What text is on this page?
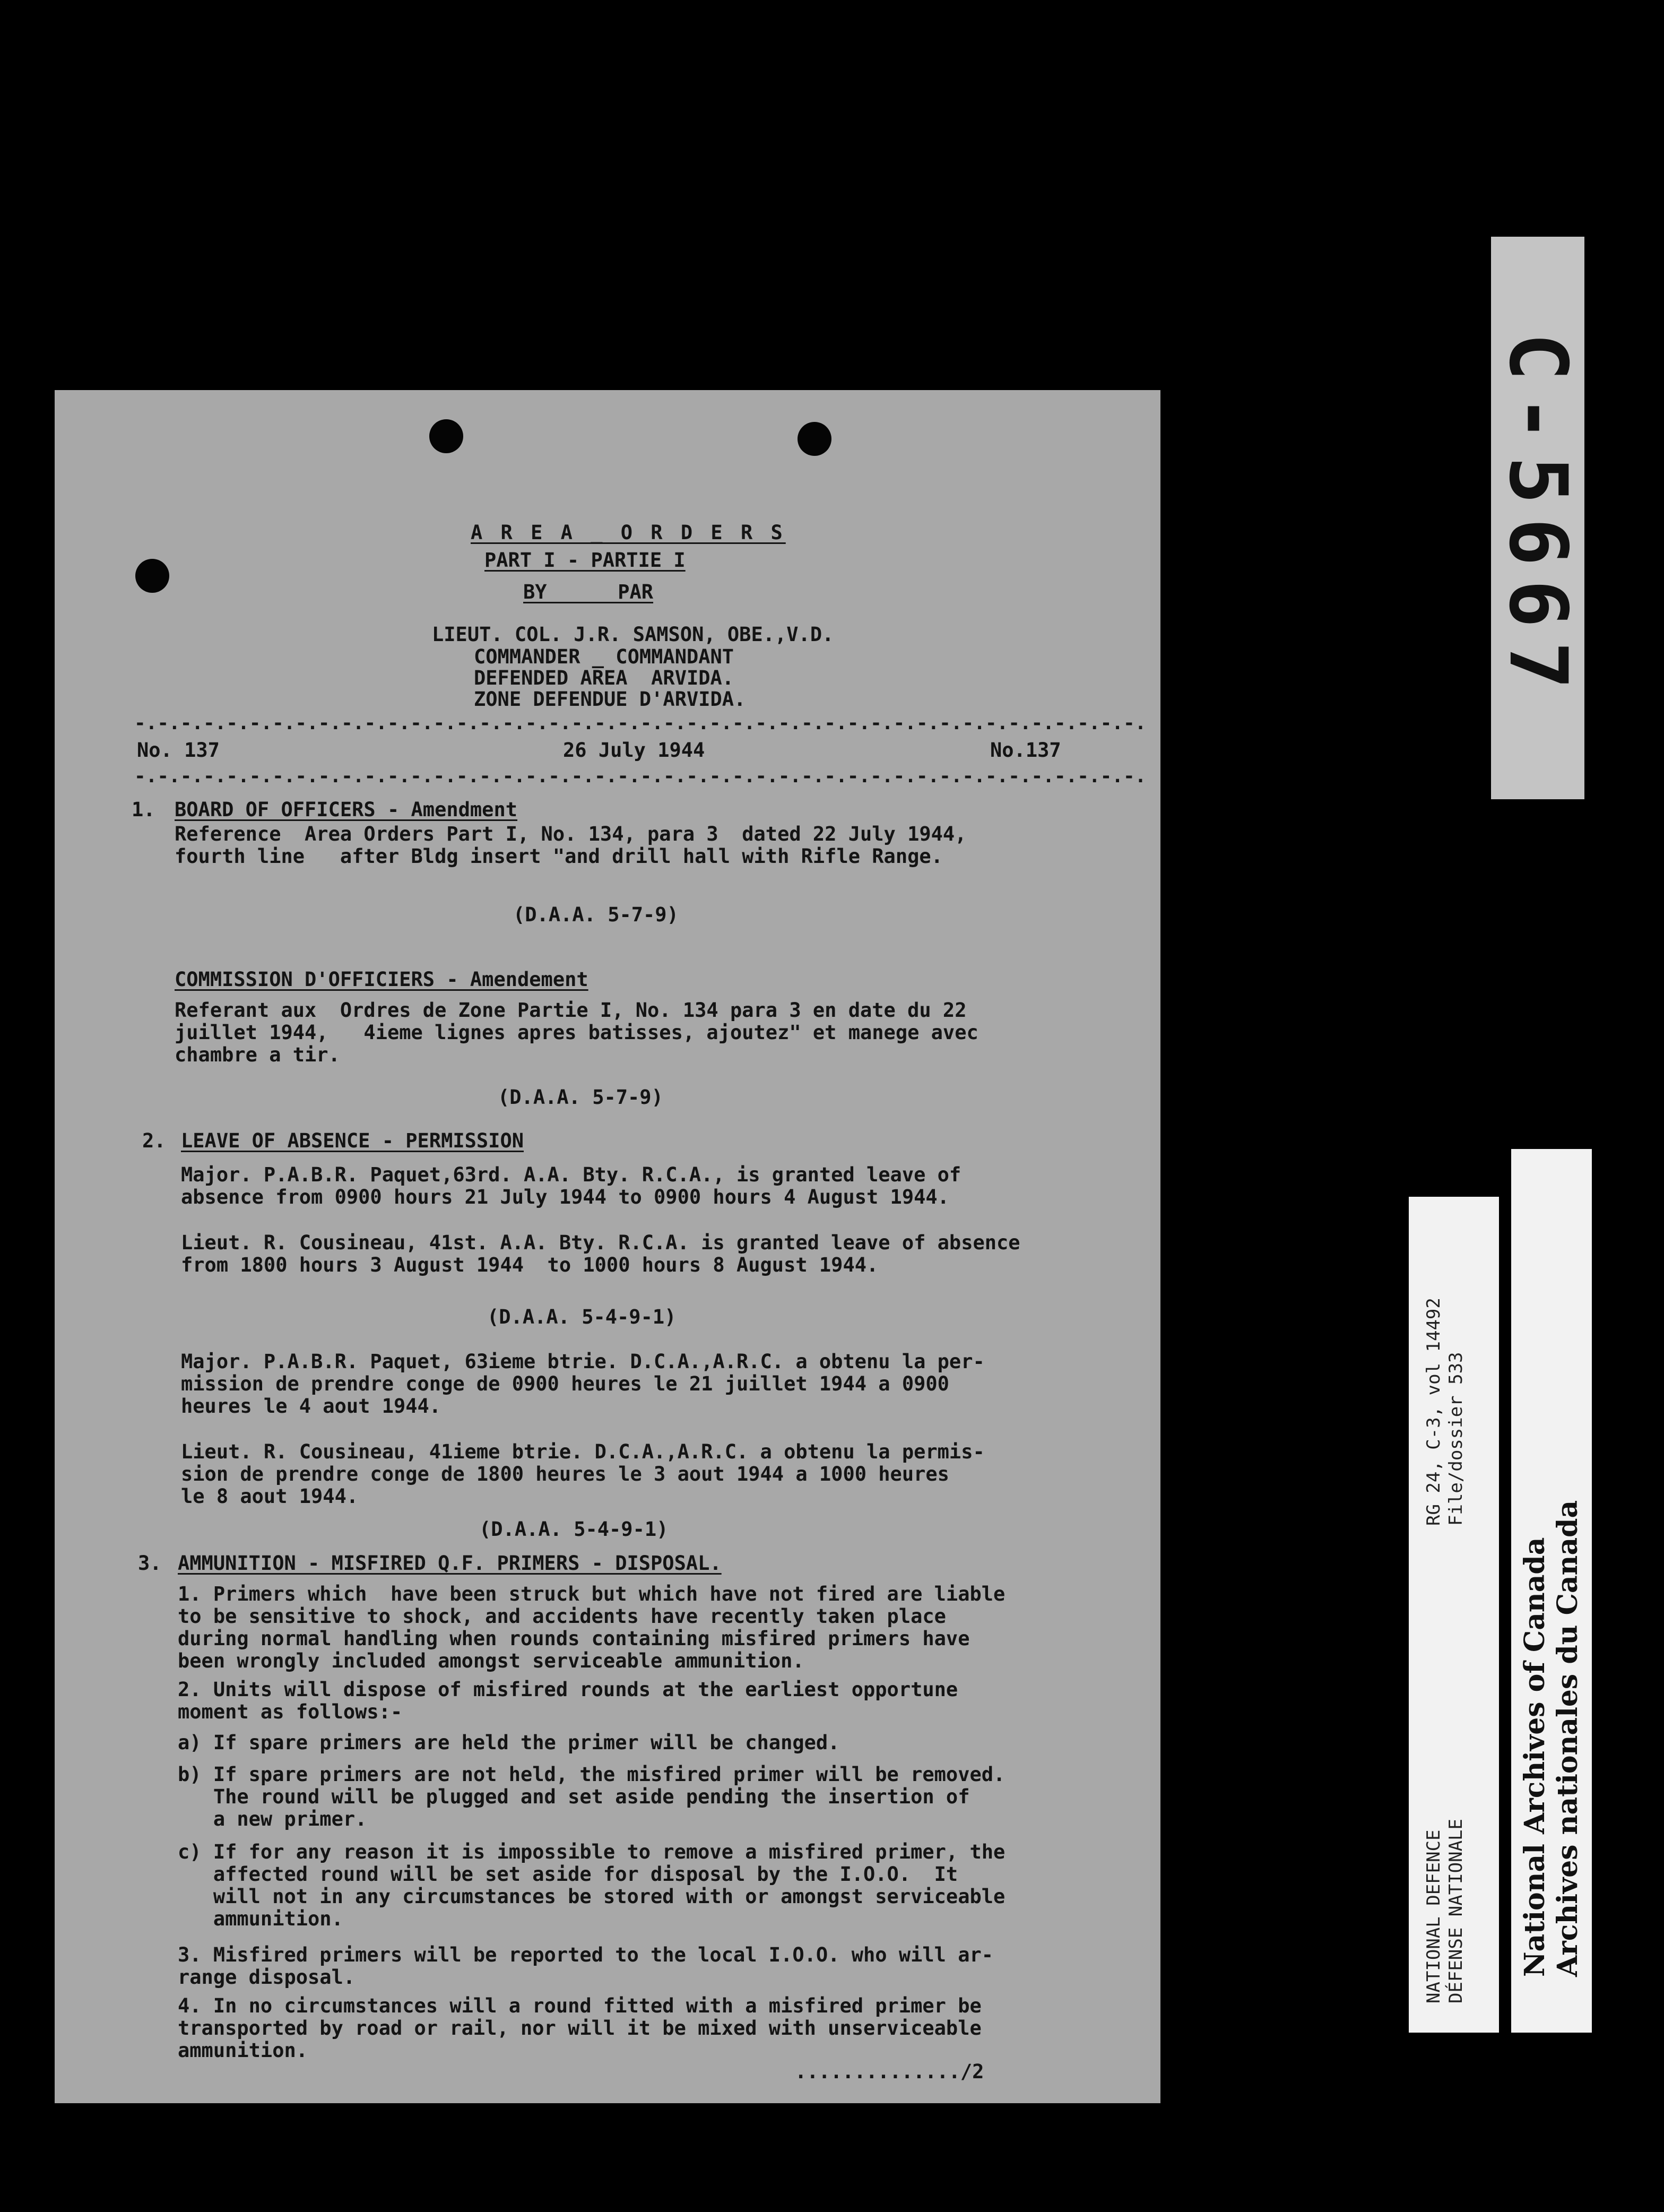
A R E A _ O R D E R S
PART I - PARTIE I
BY      PAR
LIEUT. COL. J.R. SAMSON, OBE.,V.D.
COMMANDER _ COMMANDANT
DEFENDED AREA  ARVIDA.
ZONE DEFENDUE D'ARVIDA.
-.-.-.-.-.-.-.-.-.-.-.-.-.-.-.-.-.-.-.-.-.-.-.-.-.-.-.-.-.-.-.-.-.-.-.-.-.-.-.-.-.-.-.-.
No. 137	26 July 1944	No.137
-.-.-.-.-.-.-.-.-.-.-.-.-.-.-.-.-.-.-.-.-.-.-.-.-.-.-.-.-.-.-.-.-.-.-.-.-.-.-.-.-.-.-.-.
1. BOARD OF OFFICERS - Amendment
Reference  Area Orders Part I, No. 134, para 3  dated 22 July 1944,
fourth line   after Bldg insert "and drill hall with Rifle Range.
(D.A.A. 5-7-9)
COMMISSION D'OFFICIERS - Amendement
Referant aux  Ordres de Zone Partie I, No. 134 para 3 en date du 22
juillet 1944,   4ieme lignes apres batisses, ajoutez" et manege avec
chambre a tir.
(D.A.A. 5-7-9)
2. LEAVE OF ABSENCE - PERMISSION
Major. P.A.B.R. Paquet,63rd. A.A. Bty. R.C.A., is granted leave of
absence from 0900 hours 21 July 1944 to 0900 hours 4 August 1944.
Lieut. R. Cousineau, 41st. A.A. Bty. R.C.A. is granted leave of absence
from 1800 hours 3 August 1944  to 1000 hours 8 August 1944.
(D.A.A. 5-4-9-1)
Major. P.A.B.R. Paquet, 63ieme btrie. D.C.A.,A.R.C. a obtenu la per-
mission de prendre conge de 0900 heures le 21 juillet 1944 a 0900
heures le 4 aout 1944.
Lieut. R. Cousineau, 41ieme btrie. D.C.A.,A.R.C. a obtenu la permis-
sion de prendre conge de 1800 heures le 3 aout 1944 a 1000 heures
le 8 aout 1944.
(D.A.A. 5-4-9-1)
3. AMMUNITION - MISFIRED Q.F. PRIMERS - DISPOSAL.
1. Primers which  have been struck but which have not fired are liable
to be sensitive to shock, and accidents have recently taken place
during normal handling when rounds containing misfired primers have
been wrongly included amongst serviceable ammunition.
2. Units will dispose of misfired rounds at the earliest opportune
moment as follows:-
a) If spare primers are held the primer will be changed.
b) If spare primers are not held, the misfired primer will be removed.
The round will be plugged and set aside pending the insertion of
a new primer.
c) If for any reason it is impossible to remove a misfired primer, the
affected round will be set aside for disposal by the I.O.O.  It
will not in any circumstances be stored with or amongst serviceable
ammunition.
3. Misfired primers will be reported to the local I.O.O. who will ar-
range disposal.
4. In no circumstances will a round fitted with a misfired primer be
transported by road or rail, nor will it be mixed with unserviceable
ammunition.
............../2
C-5667
RG 24, C-3, vol 14492 File/dossier 533
NATIONAL DEFENCE DÉFENSE NATIONALE National Archives of Canada Archives nationales du Canada
